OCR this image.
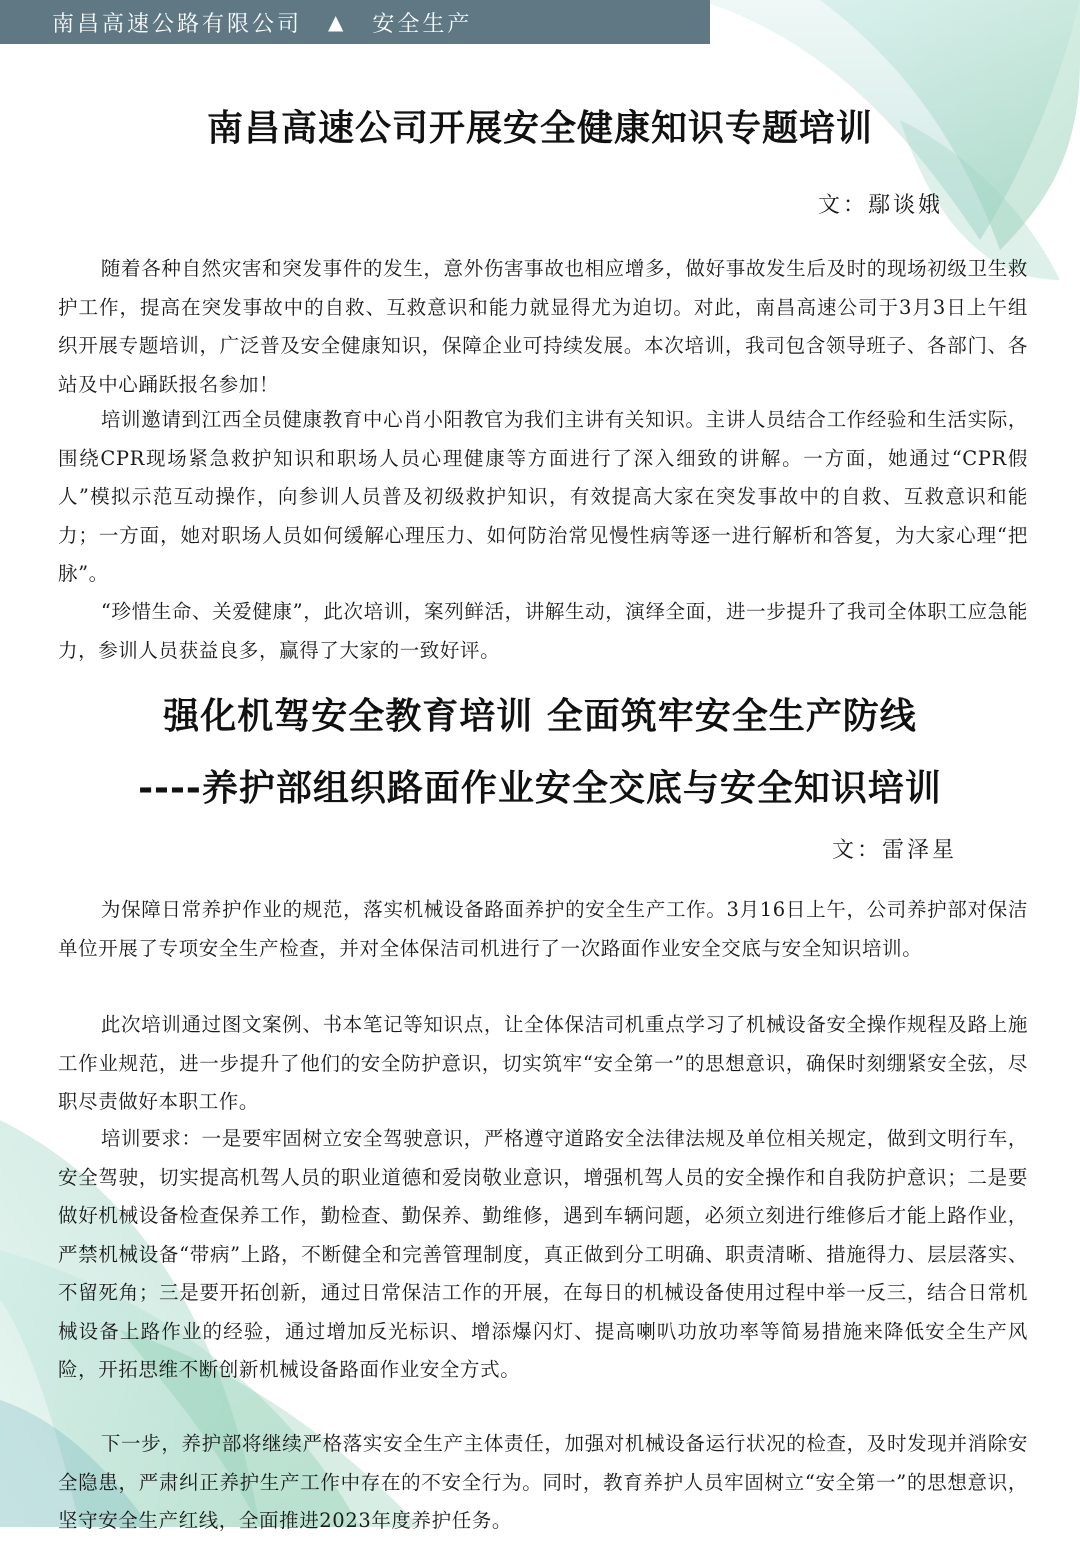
南昌高速公路有限公司 ▲ 安全生产
南昌高速公司开展安全健康知识专题培训
文：鄢谈娥

随着各种自然灾害和突发事件的发生，意外伤害事故也相应增多，做好事故发生后及时的现场初级卫生救护工作，提高在突发事故中的自救、互救意识和能力就显得尤为迫切。对此，南昌高速公司于3月3日上午组织开展专题培训，广泛普及安全健康知识，保障企业可持续发展。本次培训，我司包含领导班子、各部门、各站及中心踊跃报名参加！

培训邀请到江西全员健康教育中心肖小阳教官为我们主讲有关知识。主讲人员结合工作经验和生活实际，围绕CPR现场紧急救护知识和职场人员心理健康等方面进行了深入细致的讲解。一方面，她通过“CPR假人”模拟示范互动操作，向参训人员普及初级救护知识，有效提高大家在突发事故中的自救、互救意识和能力；一方面，她对职场人员如何缓解心理压力、如何防治常见慢性病等逐一进行解析和答复，为大家心理“把脉”。

“珍惜生命、关爱健康”，此次培训，案列鲜活，讲解生动，演绎全面，进一步提升了我司全体职工应急能力，参训人员获益良多，赢得了大家的一致好评。

强化机驾安全教育培训 全面筑牢安全生产防线
----养护部组织路面作业安全交底与安全知识培训
文：雷泽星

为保障日常养护作业的规范，落实机械设备路面养护的安全生产工作。3月16日上午，公司养护部对保洁单位开展了专项安全生产检查，并对全体保洁司机进行了一次路面作业安全交底与安全知识培训。

此次培训通过图文案例、书本笔记等知识点，让全体保洁司机重点学习了机械设备安全操作规程及路上施工作业规范，进一步提升了他们的安全防护意识，切实筑牢“安全第一”的思想意识，确保时刻绷紧安全弦，尽职尽责做好本职工作。

培训要求：一是要牢固树立安全驾驶意识，严格遵守道路安全法律法规及单位相关规定，做到文明行车，安全驾驶，切实提高机驾人员的职业道德和爱岗敬业意识，增强机驾人员的安全操作和自我防护意识；二是要做好机械设备检查保养工作，勤检查、勤保养、勤维修，遇到车辆问题，必须立刻进行维修后才能上路作业，严禁机械设备“带病”上路，不断健全和完善管理制度，真正做到分工明确、职责清晰、措施得力、层层落实、不留死角；三是要开拓创新，通过日常保洁工作的开展，在每日的机械设备使用过程中举一反三，结合日常机械设备上路作业的经验，通过增加反光标识、增添爆闪灯、提高喇叭功放功率等简易措施来降低安全生产风险，开拓思维不断创新机械设备路面作业安全方式。

下一步，养护部将继续严格落实安全生产主体责任，加强对机械设备运行状况的检查，及时发现并消除安全隐患，严肃纠正养护生产工作中存在的不安全行为。同时，教育养护人员牢固树立“安全第一”的思想意识，坚守安全生产红线，全面推进2023年度养护任务。
